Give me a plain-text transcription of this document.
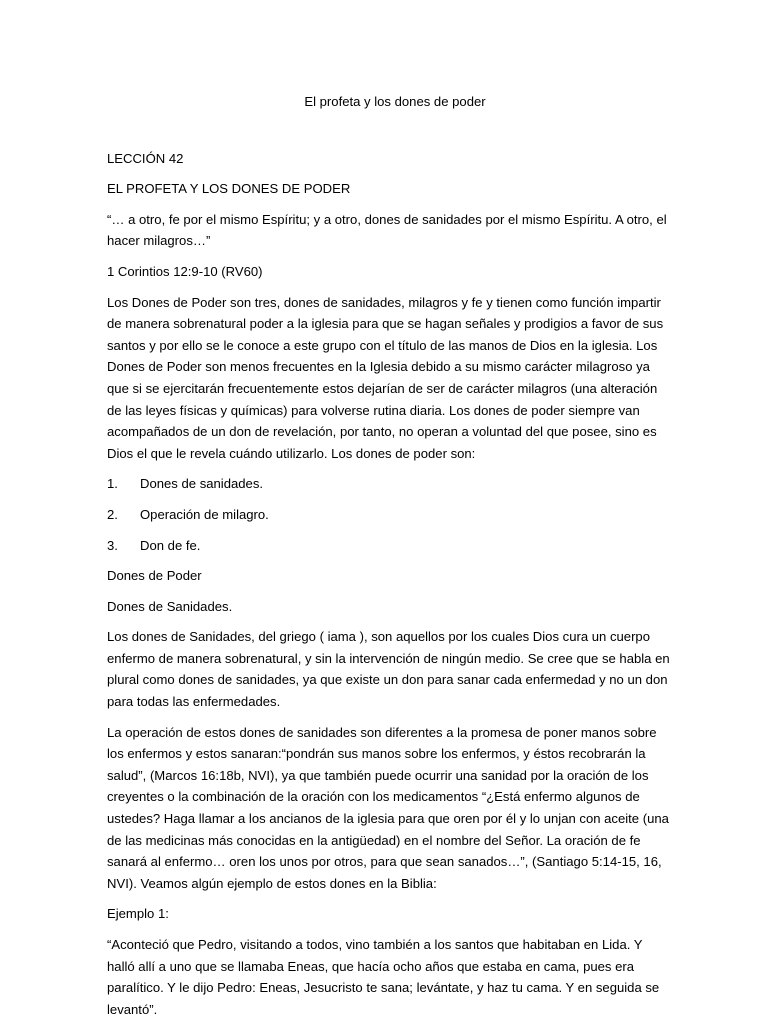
El profeta y los dones de poder

LECCIÓN 42

EL PROFETA Y LOS DONES DE PODER

“… a otro, fe por el mismo Espíritu; y a otro, dones de sanidades por el mismo Espíritu. A otro, el hacer milagros…”

1 Corintios 12:9-10 (RV60)

Los Dones de Poder son tres, dones de sanidades, milagros y fe y tienen como función impartir de manera sobrenatural poder a la iglesia para que se hagan señales y prodigios a favor de sus santos y por ello se le conoce a este grupo con el título de las manos de Dios en la iglesia. Los Dones de Poder son menos frecuentes en la Iglesia debido a su mismo carácter milagroso ya que si se ejercitarán frecuentemente estos dejarían de ser de carácter milagros (una alteración de las leyes físicas y químicas) para volverse rutina diaria. Los dones de poder siempre van acompañados de un don de revelación, por tanto, no operan a voluntad del que posee, sino es Dios el que le revela cuándo utilizarlo. Los dones de poder son:

1. Dones de sanidades.
2. Operación de milagro.
3. Don de fe.

Dones de Poder

Dones de Sanidades.

Los dones de Sanidades, del griego ( iama ), son aquellos por los cuales Dios cura un cuerpo enfermo de manera sobrenatural, y sin la intervención de ningún medio. Se cree que se habla en plural como dones de sanidades, ya que existe un don para sanar cada enfermedad y no un don para todas las enfermedades.

La operación de estos dones de sanidades son diferentes a la promesa de poner manos sobre los enfermos y estos sanaran:“pondrán sus manos sobre los enfermos, y éstos recobrarán la salud”, (Marcos 16:18b, NVI), ya que también puede ocurrir una sanidad por la oración de los creyentes o la combinación de la oración con los medicamentos “¿Está enfermo algunos de ustedes? Haga llamar a los ancianos de la iglesia para que oren por él y lo unjan con aceite (una de las medicinas más conocidas en la antigüedad) en el nombre del Señor. La oración de fe sanará al enfermo… oren los unos por otros, para que sean sanados…”, (Santiago 5:14-15, 16, NVI). Veamos algún ejemplo de estos dones en la Biblia:

Ejemplo 1:

“Aconteció que Pedro, visitando a todos, vino también a los santos que habitaban en Lida. Y halló allí a uno que se llamaba Eneas, que hacía ocho años que estaba en cama, pues era paralítico. Y le dijo Pedro: Eneas, Jesucristo te sana; levántate, y haz tu cama. Y en seguida se levantó”.
